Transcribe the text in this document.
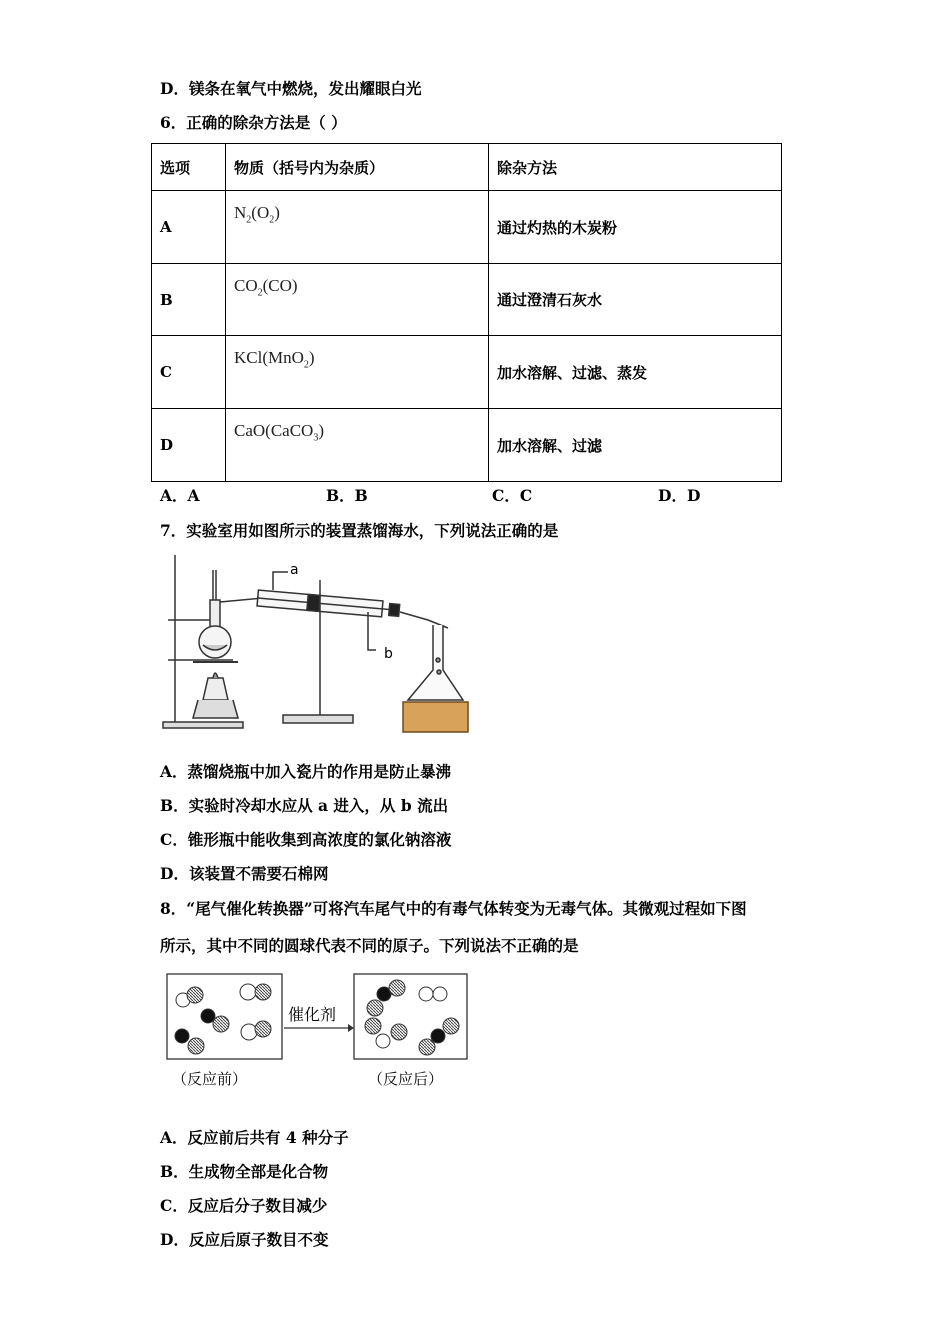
D．镁条在氧气中燃烧，发出耀眼白光
6．正确的除杂方法是（ ）
选项	物质（括号内为杂质）	除杂方法
A	$N_2(O_2)$	通过灼热的木炭粉
B	$CO_2(CO)$	通过澄清石灰水
C	KCl(MnO$_2$)	加水溶解、过滤、蒸发
D	CaO(CaCO$_3$)	加水溶解、过滤
A．A	B．B	C．C	D．D
7．实验室用如图所示的装置蒸馏海水，下列说法正确的是
a
b
A．蒸馏烧瓶中加入瓷片的作用是防止暴沸
B．实验时冷却水应从 a 进入，从 b 流出
C．锥形瓶中能收集到高浓度的氯化钠溶液
D．该装置不需要石棉网
8．“尾气催化转换器”可将汽车尾气中的有毒气体转变为无毒气体。其微观过程如下图
所示，其中不同的圆球代表不同的原子。下列说法不正确的是
催化剂
（反应前）	（反应后）
A．反应前后共有 4 种分子
B．生成物全部是化合物
C．反应后分子数目减少
D．反应后原子数目不变
